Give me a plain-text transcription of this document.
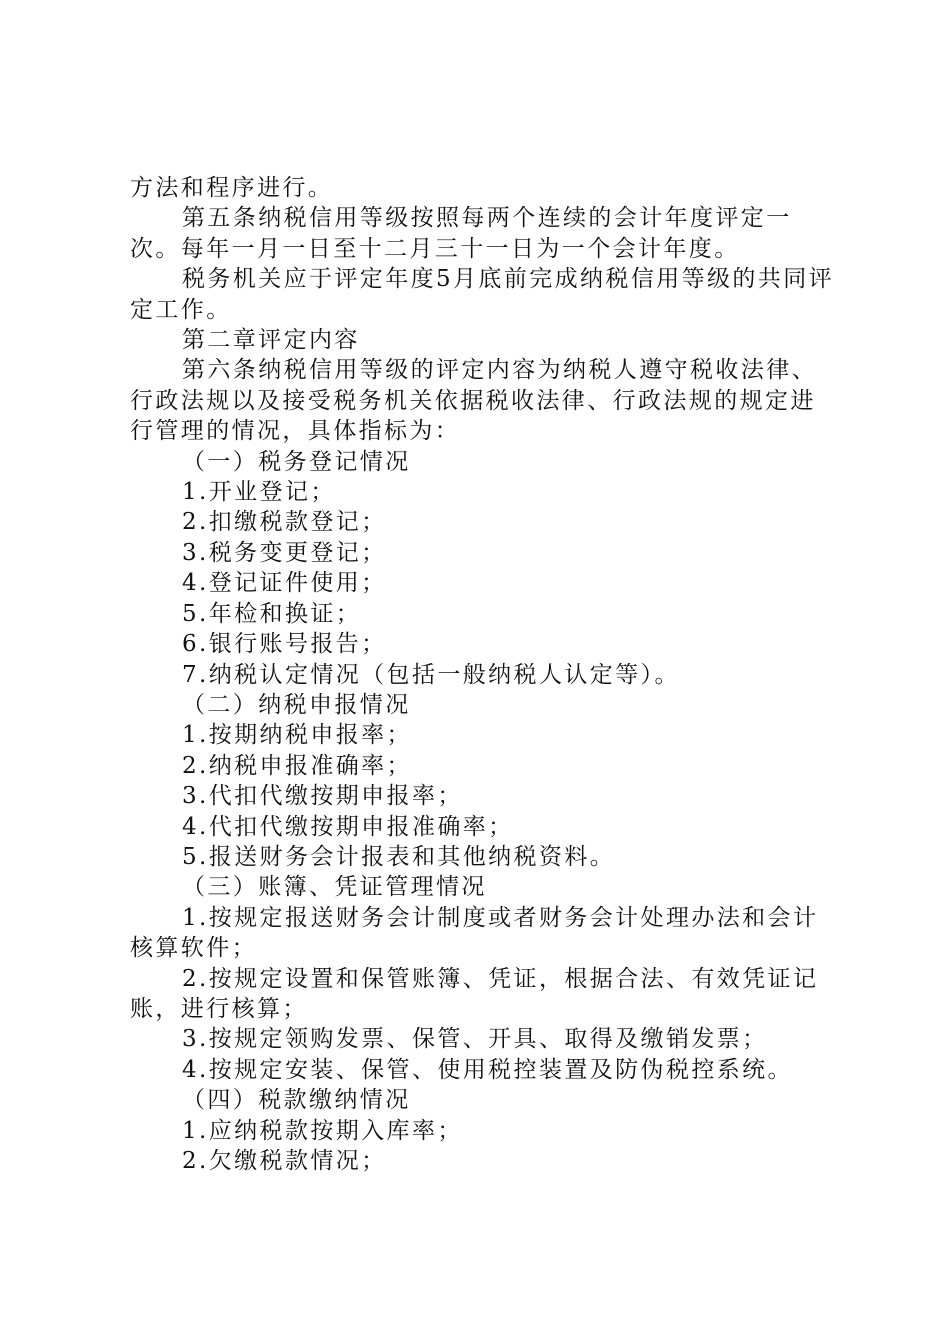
方法和程序进行。

第五条纳税信用等级按照每两个连续的会计年度评定一次。每年一月一日至十二月三十一日为一个会计年度。

税务机关应于评定年度5月底前完成纳税信用等级的共同评定工作。

第二章评定内容

第六条纳税信用等级的评定内容为纳税人遵守税收法律、行政法规以及接受税务机关依据税收法律、行政法规的规定进行管理的情况，具体指标为：

（一）税务登记情况

1.开业登记；

2.扣缴税款登记；

3.税务变更登记；

4.登记证件使用；

5.年检和换证；

6.银行账号报告；

7.纳税认定情况（包括一般纳税人认定等）。

（二）纳税申报情况

1.按期纳税申报率；

2.纳税申报准确率；

3.代扣代缴按期申报率；

4.代扣代缴按期申报准确率；

5.报送财务会计报表和其他纳税资料。

（三）账簿、凭证管理情况

1.按规定报送财务会计制度或者财务会计处理办法和会计核算软件；

2.按规定设置和保管账簿、凭证，根据合法、有效凭证记账，进行核算；

3.按规定领购发票、保管、开具、取得及缴销发票；

4.按规定安装、保管、使用税控装置及防伪税控系统。

（四）税款缴纳情况

1.应纳税款按期入库率；

2.欠缴税款情况；
